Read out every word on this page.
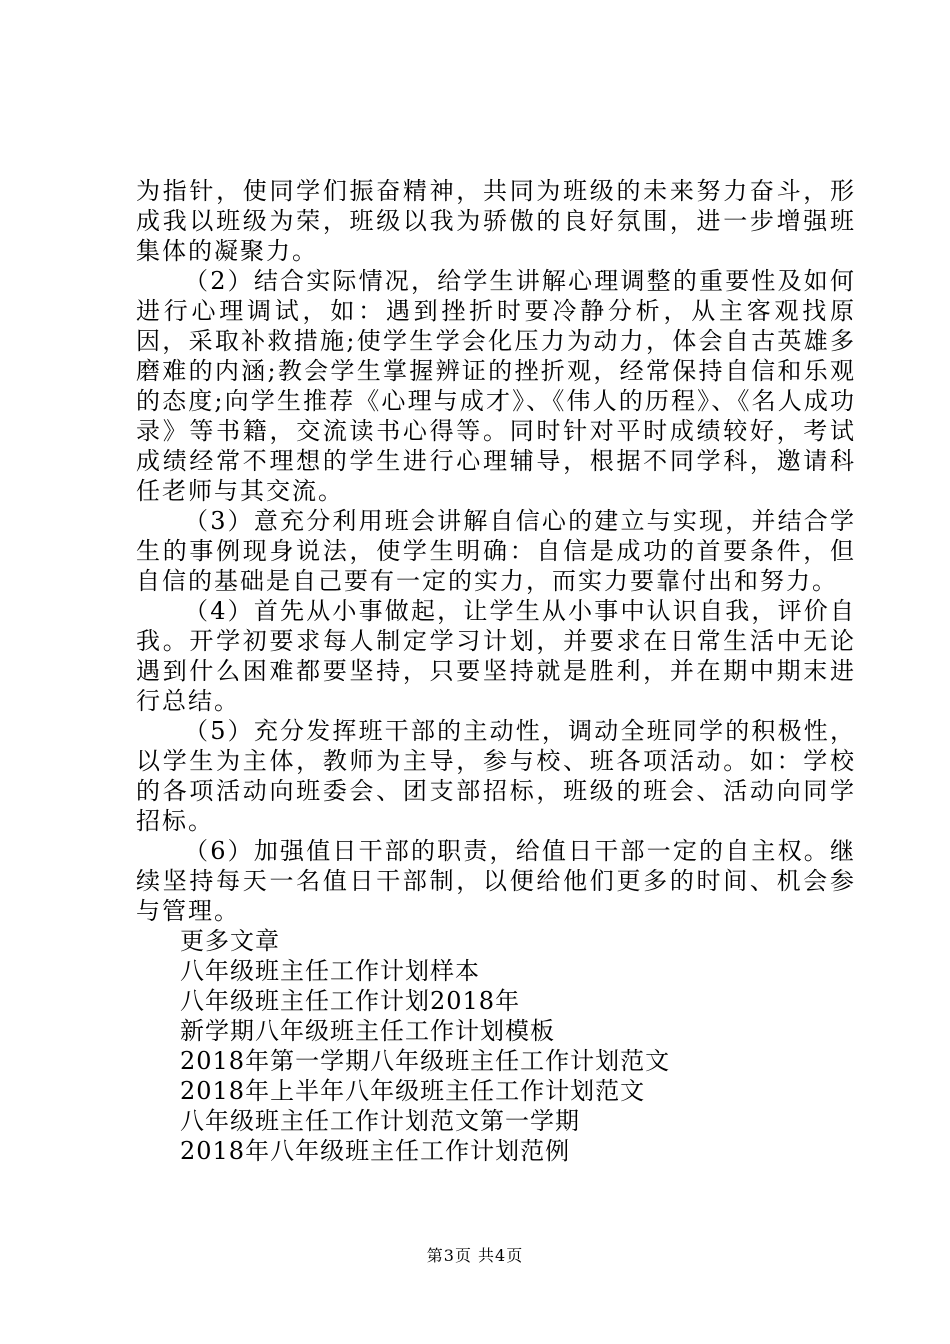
为指针，使同学们振奋精神，共同为班级的未来努力奋斗，形成我以班级为荣，班级以我为骄傲的良好氛围，进一步增强班集体的凝聚力。

（2）结合实际情况，给学生讲解心理调整的重要性及如何进行心理调试，如：遇到挫折时要冷静分析，从主客观找原因，采取补救措施;使学生学会化压力为动力，体会自古英雄多磨难的内涵;教会学生掌握辨证的挫折观，经常保持自信和乐观的态度;向学生推荐《心理与成才》、《伟人的历程》、《名人成功录》等书籍，交流读书心得等。同时针对平时成绩较好，考试成绩经常不理想的学生进行心理辅导，根据不同学科，邀请科任老师与其交流。

（3）意充分利用班会讲解自信心的建立与实现，并结合学生的事例现身说法，使学生明确：自信是成功的首要条件，但自信的基础是自己要有一定的实力，而实力要靠付出和努力。

（4）首先从小事做起，让学生从小事中认识自我，评价自我。开学初要求每人制定学习计划，并要求在日常生活中无论遇到什么困难都要坚持，只要坚持就是胜利，并在期中期末进行总结。

（5）充分发挥班干部的主动性，调动全班同学的积极性，以学生为主体，教师为主导，参与校、班各项活动。如：学校的各项活动向班委会、团支部招标，班级的班会、活动向同学招标。

（6）加强值日干部的职责，给值日干部一定的自主权。继续坚持每天一名值日干部制，以便给他们更多的时间、机会参与管理。

更多文章
八年级班主任工作计划样本
八年级班主任工作计划2018年
新学期八年级班主任工作计划模板
2018年第一学期八年级班主任工作计划范文
2018年上半年八年级班主任工作计划范文
八年级班主任工作计划范文第一学期
2018年八年级班主任工作计划范例
第3页 共4页
